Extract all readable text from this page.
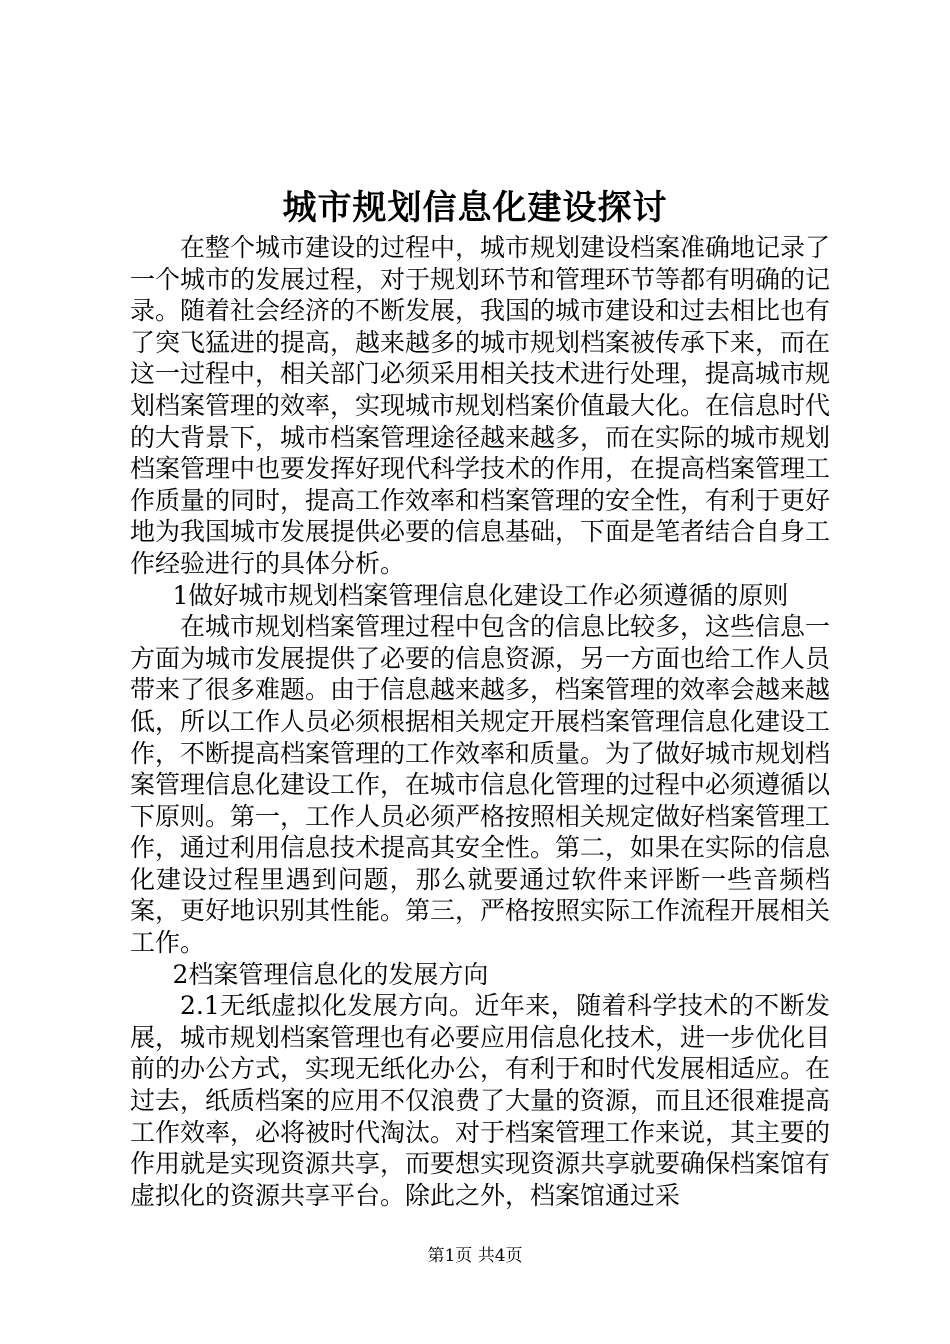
城市规划信息化建设探讨

在整个城市建设的过程中，城市规划建设档案准确地记录了一个城市的发展过程，对于规划环节和管理环节等都有明确的记录。随着社会经济的不断发展，我国的城市建设和过去相比也有了突飞猛进的提高，越来越多的城市规划档案被传承下来，而在这一过程中，相关部门必须采用相关技术进行处理，提高城市规划档案管理的效率，实现城市规划档案价值最大化。在信息时代的大背景下，城市档案管理途径越来越多，而在实际的城市规划档案管理中也要发挥好现代科学技术的作用，在提高档案管理工作质量的同时，提高工作效率和档案管理的安全性，有利于更好地为我国城市发展提供必要的信息基础，下面是笔者结合自身工作经验进行的具体分析。

1做好城市规划档案管理信息化建设工作必须遵循的原则

在城市规划档案管理过程中包含的信息比较多，这些信息一方面为城市发展提供了必要的信息资源，另一方面也给工作人员带来了很多难题。由于信息越来越多，档案管理的效率会越来越低，所以工作人员必须根据相关规定开展档案管理信息化建设工作，不断提高档案管理的工作效率和质量。为了做好城市规划档案管理信息化建设工作，在城市信息化管理的过程中必须遵循以下原则。第一，工作人员必须严格按照相关规定做好档案管理工作，通过利用信息技术提高其安全性。第二，如果在实际的信息化建设过程里遇到问题，那么就要通过软件来评断一些音频档案，更好地识别其性能。第三，严格按照实际工作流程开展相关工作。

2档案管理信息化的发展方向

2.1无纸虚拟化发展方向。近年来，随着科学技术的不断发展，城市规划档案管理也有必要应用信息化技术，进一步优化目前的办公方式，实现无纸化办公，有利于和时代发展相适应。在过去，纸质档案的应用不仅浪费了大量的资源，而且还很难提高工作效率，必将被时代淘汰。对于档案管理工作来说，其主要的作用就是实现资源共享，而要想实现资源共享就要确保档案馆有虚拟化的资源共享平台。除此之外，档案馆通过采

第1页 共4页
